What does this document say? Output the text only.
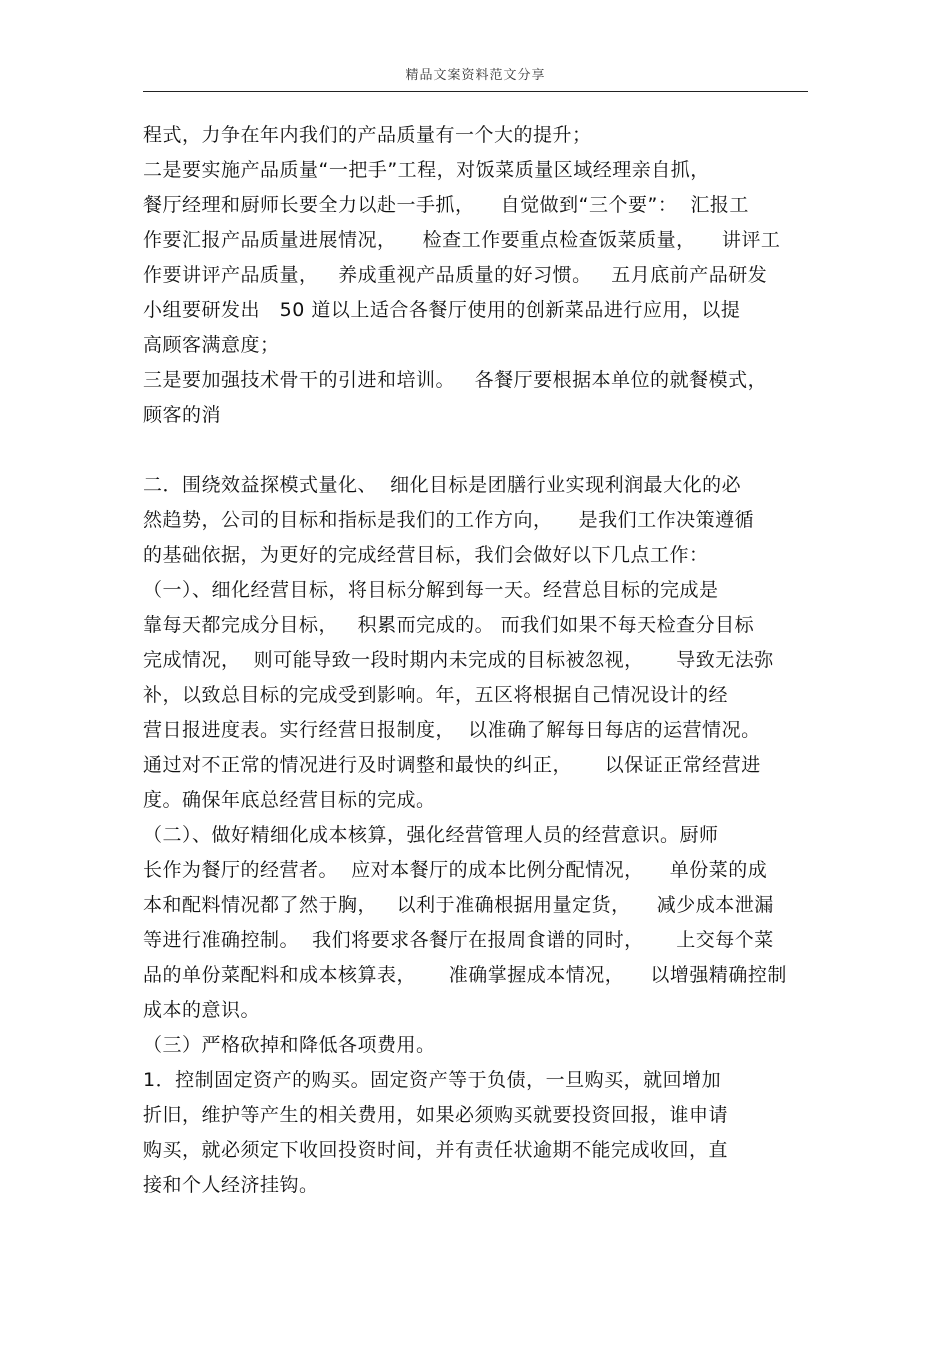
精品文案资料范文分享
程式，力争在年内我们的产品质量有一个大的提升；
二是要实施产品质量“一把手”工程，对饭菜质量区域经理亲自抓，
餐厅经理和厨师长要全力以赴一手抓，    自觉做到“三个要”：  汇报工
作要汇报产品质量进展情况，    检查工作要重点检查饭菜质量，    讲评工
作要讲评产品质量，   养成重视产品质量的好习惯。   五月底前产品研发
小组要研发出   50 道以上适合各餐厅使用的创新菜品进行应用，以提
高顾客满意度；
三是要加强技术骨干的引进和培训。   各餐厅要根据本单位的就餐模式，
顾客的消
二．围绕效益探模式量化、  细化目标是团膳行业实现利润最大化的必
然趋势，公司的目标和指标是我们的工作方向，    是我们工作决策遵循
的基础依据，为更好的完成经营目标，我们会做好以下几点工作：
（一）、细化经营目标，将目标分解到每一天。经营总目标的完成是
靠每天都完成分目标，   积累而完成的。 而我们如果不每天检查分目标
完成情况，  则可能导致一段时期内未完成的目标被忽视，     导致无法弥
补，以致总目标的完成受到影响。年，五区将根据自己情况设计的经
营日报进度表。实行经营日报制度，  以准确了解每日每店的运营情况。
通过对不正常的情况进行及时调整和最快的纠正，     以保证正常经营进
度。确保年底总经营目标的完成。
（二）、做好精细化成本核算，强化经营管理人员的经营意识。厨师
长作为餐厅的经营者。  应对本餐厅的成本比例分配情况，    单份菜的成
本和配料情况都了然于胸，   以利于准确根据用量定货，    减少成本泄漏
等进行准确控制。  我们将要求各餐厅在报周食谱的同时，     上交每个菜
品的单份菜配料和成本核算表，     准确掌握成本情况，    以增强精确控制
成本的意识。
（三）严格砍掉和降低各项费用。
1．控制固定资产的购买。固定资产等于负债，一旦购买，就回增加
折旧，维护等产生的相关费用，如果必须购买就要投资回报，谁申请
购买，就必须定下收回投资时间，并有责任状逾期不能完成收回，直
接和个人经济挂钩。
